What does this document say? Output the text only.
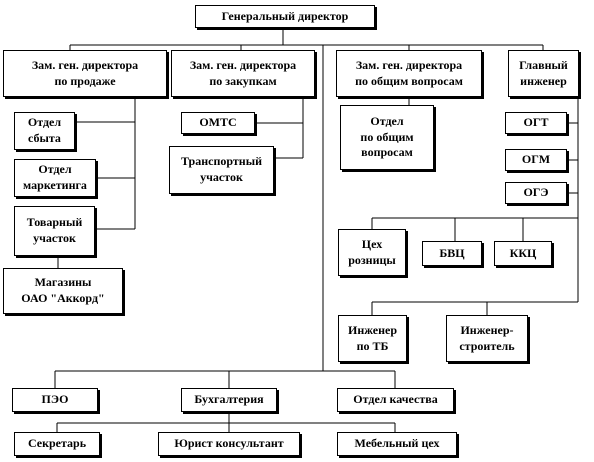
Генеральный директор
Зам. ген. директора
по продаже
Зам. ген. директора
по закупкам
Зам. ген. директора
по общим вопросам
Главный
инженер
Отдел
сбыта
Отдел
маркетинга
Товарный
участок
Магазины
ОАО "Аккорд"
ОМТС
Транспортный
участок
Отдел
по общим
вопросам
ОГТ
ОГМ
ОГЭ
Цех
розницы	БВЦ	ККЦ
Инженер
по ТБ
Инженер-
строитель
ПЭО	Бухгалтерия	Отдел качества
Секретарь	Юрист консультант	Мебельный цех
